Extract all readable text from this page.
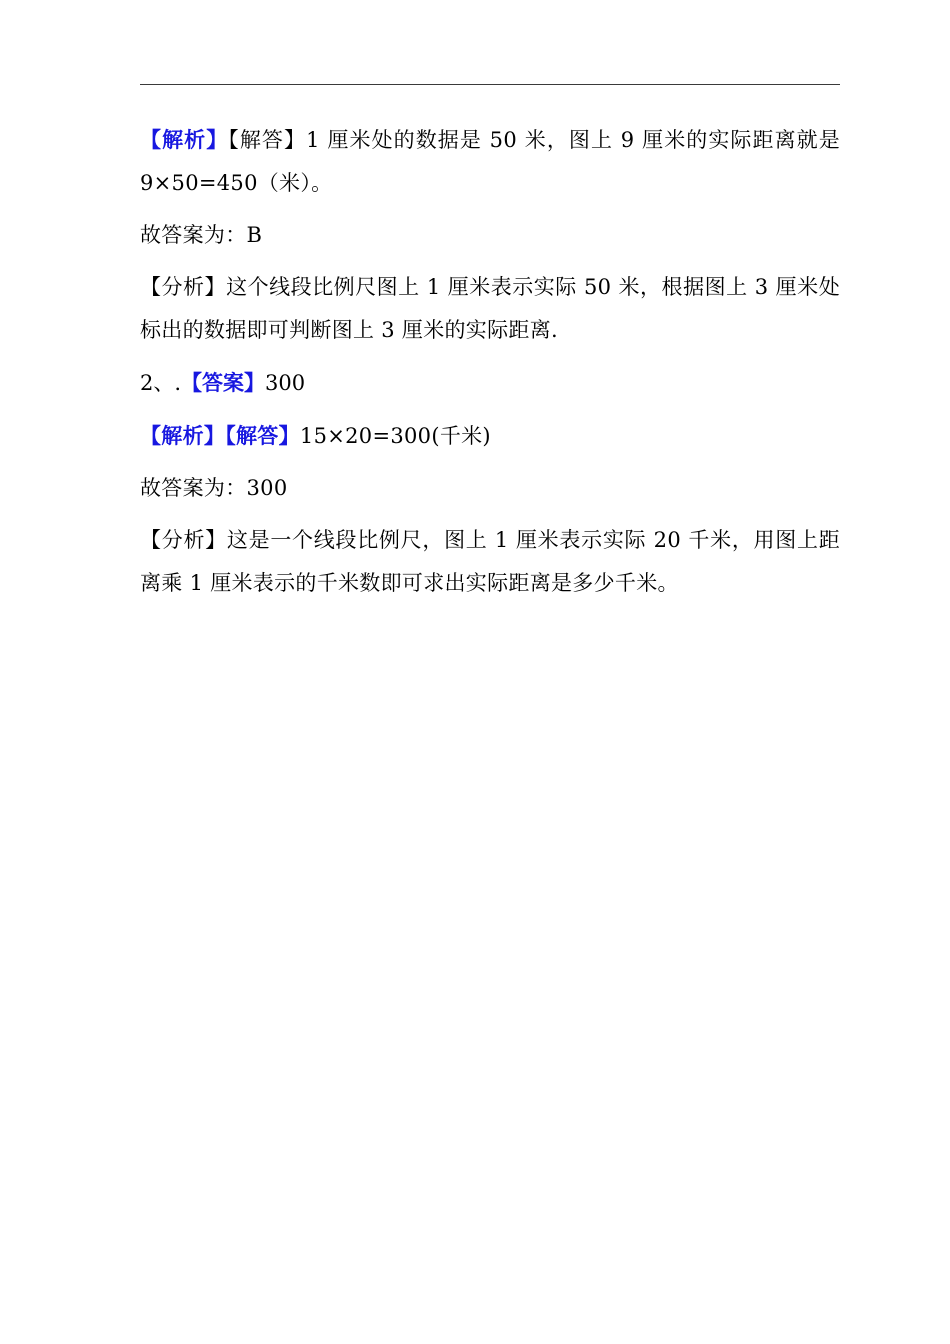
【解析】【解答】1 厘米处的数据是 50 米，图上 9 厘米的实际距离就是 9×50=450（米）。

故答案为：B

【分析】这个线段比例尺图上 1 厘米表示实际 50 米，根据图上 3 厘米处标出的数据即可判断图上 3 厘米的实际距离.

2、.【答案】300

【解析】【解答】15×20=300(千米)

故答案为：300

【分析】这是一个线段比例尺，图上 1 厘米表示实际 20 千米，用图上距离乘 1 厘米表示的千米数即可求出实际距离是多少千米。
